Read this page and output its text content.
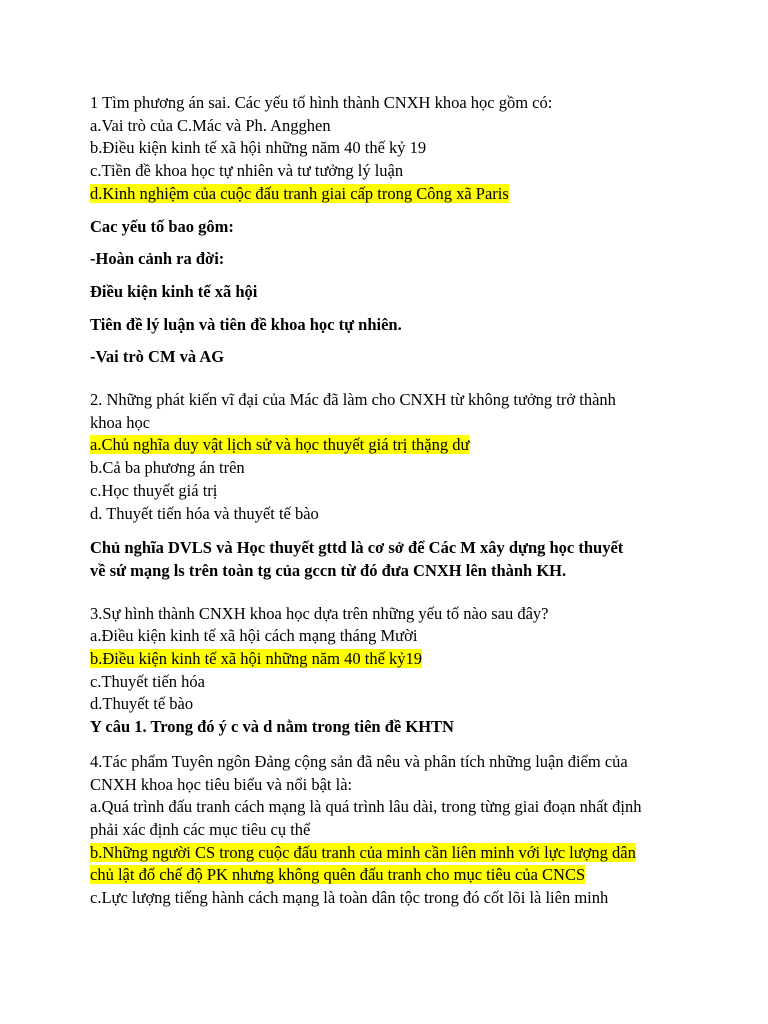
1 Tìm phương án sai. Các yếu tố hình thành CNXH khoa học gồm có:
a.Vai trò của C.Mác và Ph. Angghen
b.Điều kiện kinh tế xã hội những năm 40 thế kỷ 19
c.Tiền đề khoa học tự nhiên và tư tưởng lý luận
d.Kinh nghiệm của cuộc đấu tranh giai cấp trong Công xã Paris
Cac yếu tố bao gôm:
-Hoàn cảnh ra đời:
Điều kiện kinh tế xã hội
Tiên đề lý luận và tiên đề khoa học tự nhiên.
-Vai trò CM và AG
2. Những phát kiến vĩ đại của Mác đã làm cho CNXH từ không tưởng trở thành
khoa học
a.Chủ nghĩa duy vật lịch sử và học thuyết giá trị thặng dư
b.Cả ba phương án trên
c.Học thuyết giá trị
d. Thuyết tiến hóa và thuyết tế bào
Chủ nghĩa DVLS và Học thuyết gttd là cơ sở để Các M xây dựng học thuyết
về sứ mạng ls trên toàn tg của gccn từ đó đưa CNXH lên thành KH.
3.Sự hình thành CNXH khoa học dựa trên những yếu tố nào sau đây?
a.Điều kiện kinh tế xã hội cách mạng tháng Mười
b.Điều kiện kinh tế xã hội những năm 40 thế kỷ19
c.Thuyết tiến hóa
d.Thuyết tế bào
Y câu 1. Trong đó ý c và d nằm trong tiên đề KHTN
4.Tác phẩm Tuyên ngôn Đảng cộng sản đã nêu và phân tích những luận điểm của
CNXH khoa học tiêu biểu và nổi bật là:
a.Quá trình đấu tranh cách mạng là quá trình lâu dài, trong từng giai đoạn nhất định
phải xác định các mục tiêu cụ thể
b.Những người CS trong cuộc đấu tranh của minh cần liên minh với lực lượng dân
chủ lật đổ chế độ PK nhưng không quên đấu tranh cho mục tiêu của CNCS
c.Lực lượng tiếng hành cách mạng là toàn dân tộc trong đó cốt lõi là liên minh
